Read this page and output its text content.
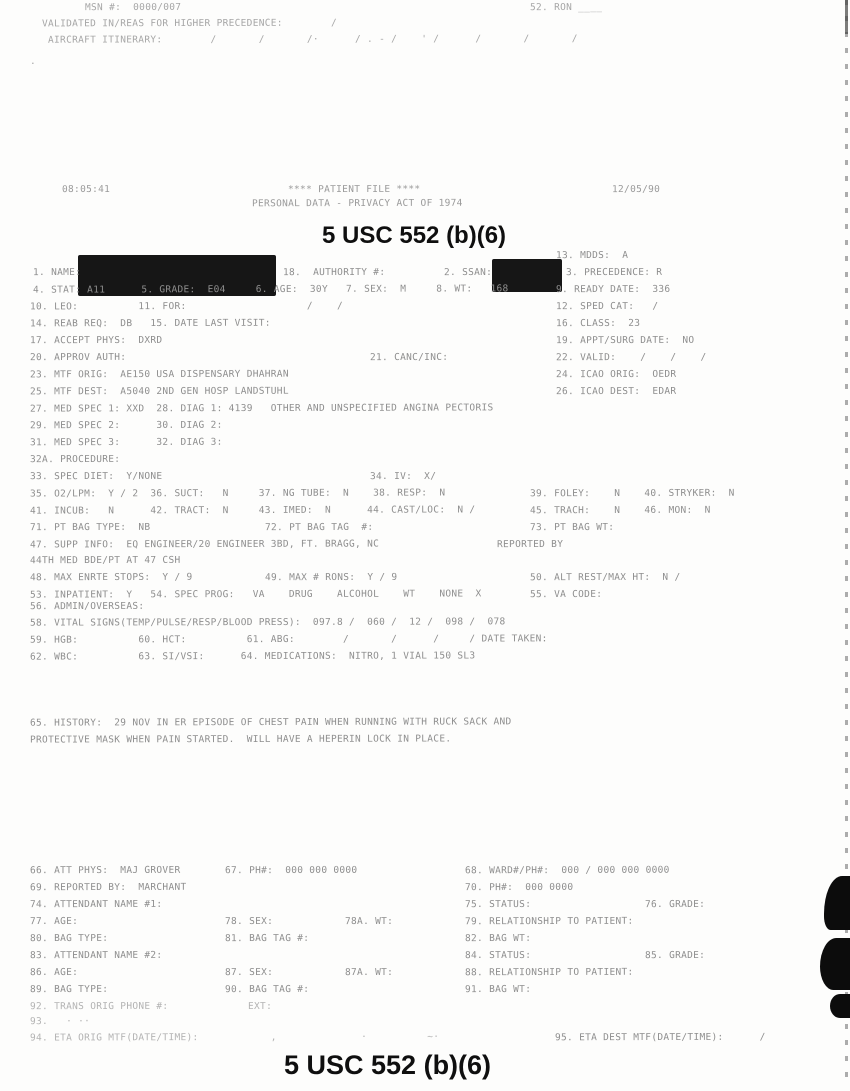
MSN #:  0000/007	52. RON ____
VALIDATED IN/REAS FOR HIGHER PRECEDENCE:        /
AIRCRAFT ITINERARY:        /       /       /·      / . - /    ' /      /       /       /
.
08:05:41	**** PATIENT FILE ****	12/05/90
PERSONAL DATA - PRIVACY ACT OF 1974
5 USC 552 (b)(6)
13. MDDS:  A
1. NAME:	18.  AUTHORITY #:	2. SSAN:	3. PRECEDENCE: R
4. STAT: A11      5. GRADE:  E04     6. AGE:  30Y   7. SEX:  M     8. WT:   168	9. READY DATE:  336
10. LEO:          11. FOR:                    /    /	12. SPED CAT:   /
14. REAB REQ:  DB   15. DATE LAST VISIT:	16. CLASS:  23
17. ACCEPT PHYS:  DXRD	19. APPT/SURG DATE:  NO
20. APPROV AUTH:	21. CANC/INC:	22. VALID:    /    /    /
23. MTF ORIG:  AE150 USA DISPENSARY DHAHRAN	24. ICAO ORIG:  OEDR
25. MTF DEST:  A5040 2ND GEN HOSP LANDSTUHL	26. ICAO DEST:  EDAR
27. MED SPEC 1: XXD  28. DIAG 1: 4139   OTHER AND UNSPECIFIED ANGINA PECTORIS
29. MED SPEC 2:      30. DIAG 2:
31. MED SPEC 3:      32. DIAG 3:
32A. PROCEDURE:
33. SPEC DIET:  Y/NONE	34. IV:  X/
35. O2/LPM:  Y / 2  36. SUCT:   N     37. NG TUBE:  N    38. RESP:  N	39. FOLEY:    N    40. STRYKER:  N
41. INCUB:   N      42. TRACT:  N     43. IMED:  N      44. CAST/LOC:  N /	45. TRACH:    N    46. MON:  N
71. PT BAG TYPE:  NB	72. PT BAG TAG  #:	73. PT BAG WT:
47. SUPP INFO:  EQ ENGINEER/20 ENGINEER 3BD, FT. BRAGG, NC	REPORTED BY
44TH MED BDE/PT AT 47 CSH
48. MAX ENRTE STOPS:  Y / 9	49. MAX # RONS:  Y / 9	50. ALT REST/MAX HT:  N /
53. INPATIENT:  Y   54. SPEC PROG:   VA    DRUG    ALCOHOL    WT    NONE  X	55. VA CODE:
56. ADMIN/OVERSEAS:
58. VITAL SIGNS(TEMP/PULSE/RESP/BLOOD PRESS):  097.8 /  060 /  12 /  098 /  078
59. HGB:          60. HCT:          61. ABG:        /       /      /     / DATE TAKEN:
62. WBC:          63. SI/VSI:      64. MEDICATIONS:  NITRO, 1 VIAL 150 SL3
65. HISTORY:  29 NOV IN ER EPISODE OF CHEST PAIN WHEN RUNNING WITH RUCK SACK AND
PROTECTIVE MASK WHEN PAIN STARTED.  WILL HAVE A HEPERIN LOCK IN PLACE.
66. ATT PHYS:  MAJ GROVER	67. PH#:  000 000 0000	68. WARD#/PH#:  000 / 000 000 0000
69. REPORTED BY:  MARCHANT	70. PH#:  000 0000
74. ATTENDANT NAME #1:	75. STATUS:	76. GRADE:
77. AGE:	78. SEX:	78A. WT:	79. RELATIONSHIP TO PATIENT:
80. BAG TYPE:	81. BAG TAG #:	82. BAG WT:
83. ATTENDANT NAME #2:	84. STATUS:	85. GRADE:
86. AGE:	87. SEX:	87A. WT:	88. RELATIONSHIP TO PATIENT:
89. BAG TYPE:	90. BAG TAG #:	91. BAG WT:
92. TRANS ORIG PHONE #:	EXT:
93.   · ··
94. ETA ORIG MTF(DATE/TIME):            ,              ·          ~·	95. ETA DEST MTF(DATE/TIME):      /
5 USC 552 (b)(6)
